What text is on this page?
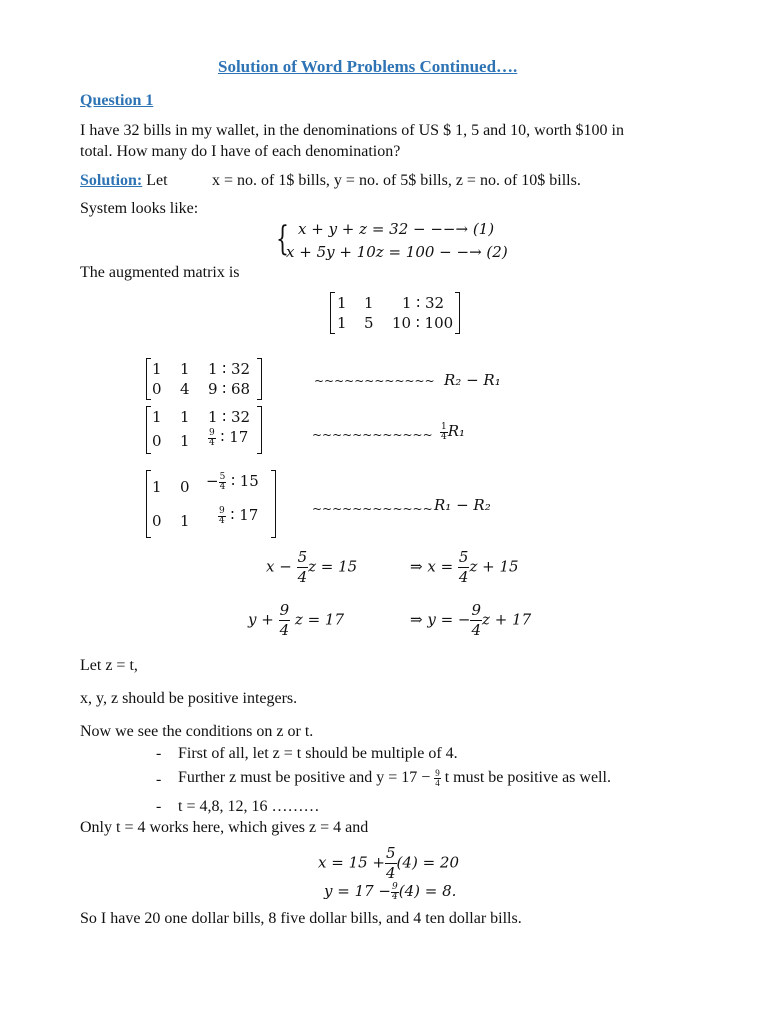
Solution of Word Problems Continued….
Question 1
I have 32 bills in my wallet, in the denominations of US $ 1, 5 and 10, worth $100 in
total. How many do I have of each denomination?
Solution: Let	x = no. of 1$ bills, y = no. of 5$ bills, z = no. of 10$ bills.
System looks like:
{ x + y + z = 32 − −−→ (1)
x + 5y + 10z = 100 − −→ (2)
The augmented matrix is
1 1 1 ∶ 32
1 5 10 ∶ 100
1 1 1 ∶ 32
0 4 9 ∶ 68	~~~~~~~~~~~~ R₂ − R₁
1 1 1 ∶ 32
0 $1 \frac{9}{4}$ ∶ 17	~~~~~~~~~~~~ $\frac{1}{4} R_1$
1 $0 - \frac{5}{4}$ ∶ 15
0 1	$\frac{9}{4}$ ∶ 17	~~~~~~~~~~~~ R₁ − R₂
$x - \frac{5}{4}$ z = 15	⇒ $x = \frac{5}{4}$ z + 15
$y + \frac{9}{4}$ z = 17	⇒ y = − $\frac{9}{4}$ z + 17
Let z = t,
x, y, z should be positive integers.
Now we see the conditions on z or t.
- First of all, let z = t should be multiple of 4.
- Further z must be positive and $y = 17 - \frac{9}{4}$ t must be positive as well.
- t = 4,8, 12, 16 ………
Only t = 4 works here, which gives z = 4 and
$x = 15 + \frac{5}{4} (4) = 20$
$y = 17 - \frac{9}{4} (4) = 8$.
So I have 20 one dollar bills, 8 five dollar bills, and 4 ten dollar bills.
